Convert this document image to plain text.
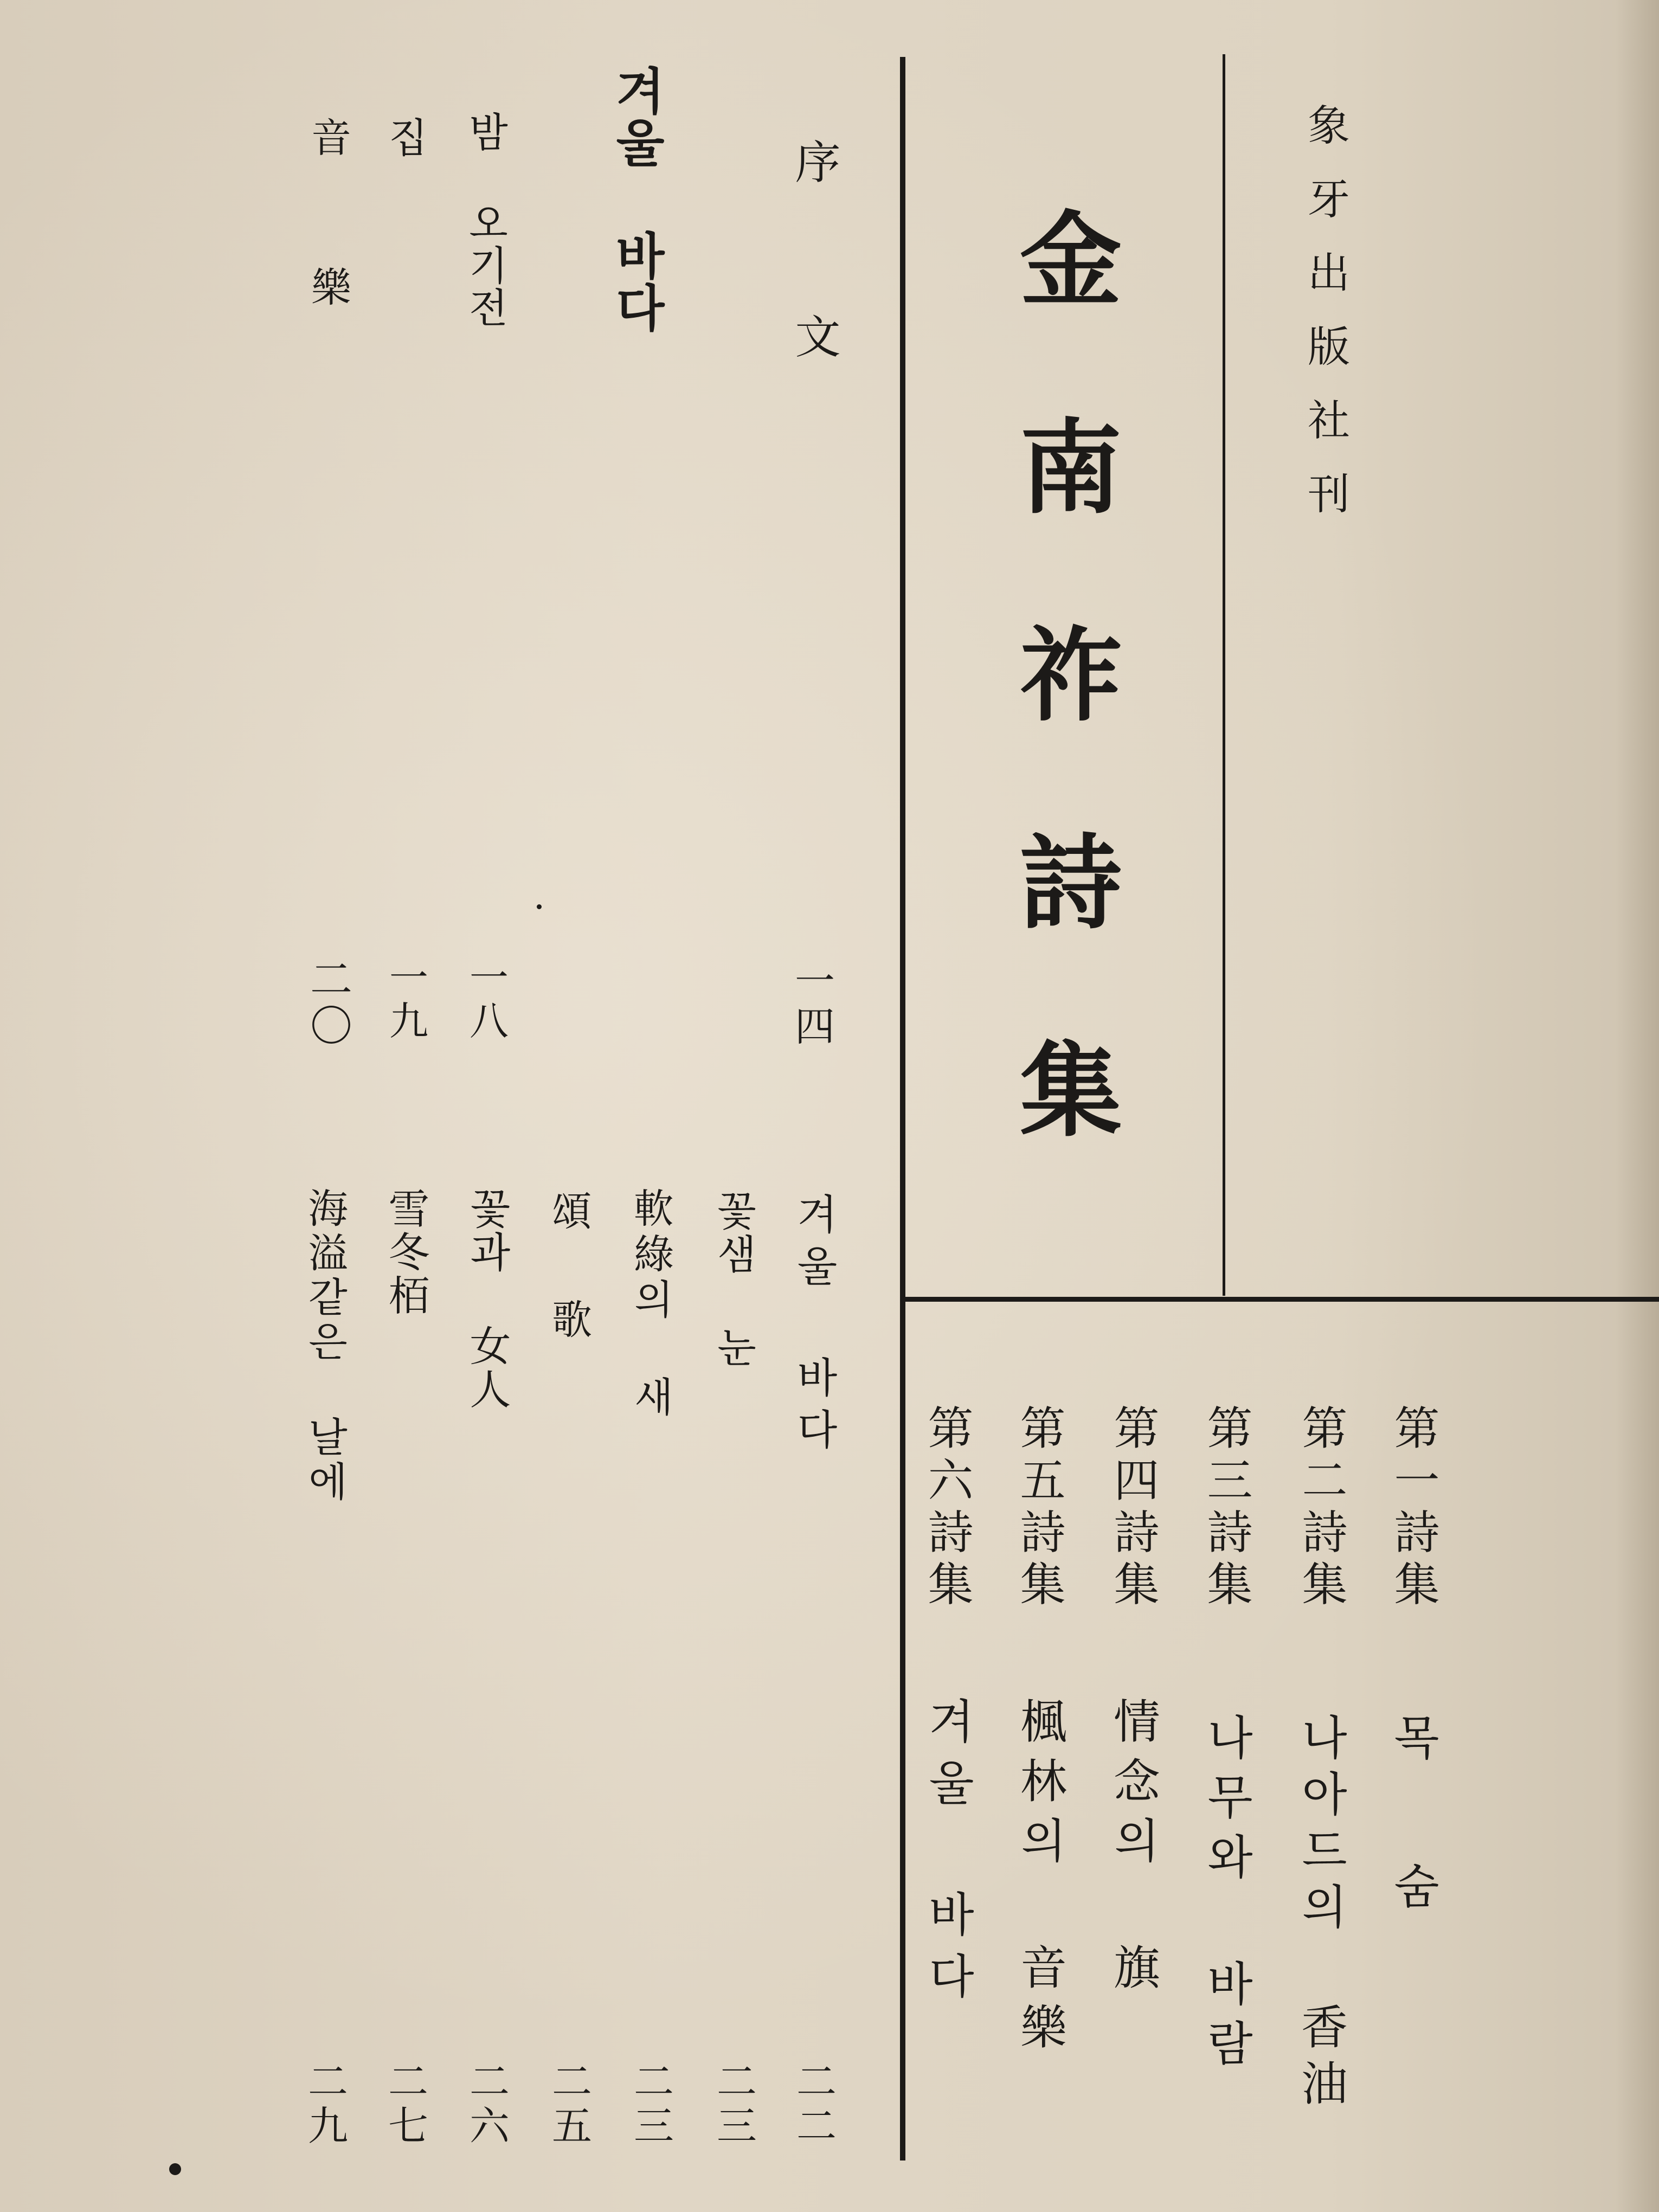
象牙出版社刊
金南祚詩集
第一詩集
목 숨
第二詩集
나아드의 香油
第三詩集
나무와 바람
第四詩集
情念의 旗
第五詩集
楓林의 音樂
第六詩集
겨울 바다
序 文
一四
겨울 바다
밤 오기전
一八
집
一九
音 樂
二〇
겨울 바다
二二
꽃샘 눈
二三
軟綠의 새
二三
頌 歌
二五
꽃과 女人
二六
雪冬栢
二七
海溢같은 날에
二九
